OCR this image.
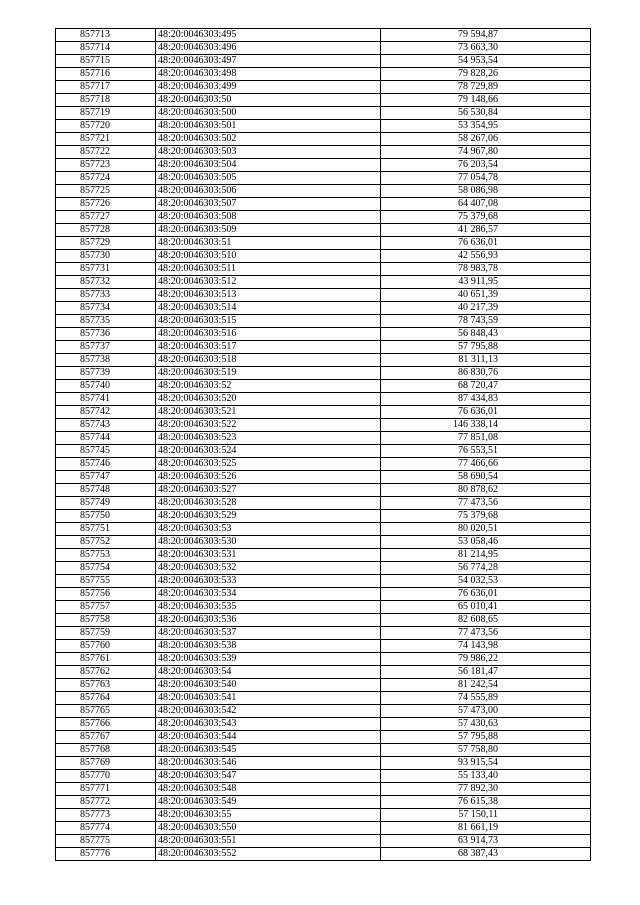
857713	48:20:0046303:495	79 594,87
857714	48:20:0046303:496	73 663,30
857715	48:20:0046303:497	54 953,54
857716	48:20:0046303:498	79 828,26
857717	48:20:0046303:499	78 729,89
857718	48:20:0046303:50	79 148,66
857719	48:20:0046303:500	56 530,84
857720	48:20:0046303:501	53 354,95
857721	48:20:0046303:502	58 267,06
857722	48:20:0046303:503	74 967,80
857723	48:20:0046303:504	76 203,54
857724	48:20:0046303:505	77 054,78
857725	48:20:0046303:506	58 086,98
857726	48:20:0046303:507	64 407,08
857727	48:20:0046303:508	75 379,68
857728	48:20:0046303:509	41 286,57
857729	48:20:0046303:51	76 636,01
857730	48:20:0046303:510	42 556,93
857731	48:20:0046303:511	78 983,78
857732	48:20:0046303:512	43 911,95
857733	48:20:0046303:513	40 651,39
857734	48:20:0046303:514	40 217,39
857735	48:20:0046303:515	78 743,59
857736	48:20:0046303:516	56 848,43
857737	48:20:0046303:517	57 795,88
857738	48:20:0046303:518	81 311,13
857739	48:20:0046303:519	86 830,76
857740	48:20:0046303:52	68 720,47
857741	48:20:0046303:520	87 434,83
857742	48:20:0046303:521	76 636,01
857743	48:20:0046303:522	146 338,14
857744	48:20:0046303:523	77 851,08
857745	48:20:0046303:524	76 553,51
857746	48:20:0046303:525	77 466,66
857747	48:20:0046303:526	58 690,54
857748	48:20:0046303:527	80 878,62
857749	48:20:0046303:528	77 473,56
857750	48:20:0046303:529	75 379,68
857751	48:20:0046303:53	80 020,51
857752	48:20:0046303:530	53 058,46
857753	48:20:0046303:531	81 214,95
857754	48:20:0046303:532	56 774,28
857755	48:20:0046303:533	54 032,53
857756	48:20:0046303:534	76 636,01
857757	48:20:0046303:535	65 010,41
857758	48:20:0046303:536	82 608,65
857759	48:20:0046303:537	77 473,56
857760	48:20:0046303:538	74 143,98
857761	48:20:0046303:539	79 986,22
857762	48:20:0046303:54	56 181,47
857763	48:20:0046303:540	81 242,54
857764	48:20:0046303:541	74 555,89
857765	48:20:0046303:542	57 473,00
857766	48:20:0046303:543	57 430,63
857767	48:20:0046303:544	57 795,88
857768	48:20:0046303:545	57 758,80
857769	48:20:0046303:546	93 915,54
857770	48:20:0046303:547	55 133,40
857771	48:20:0046303:548	77 892,30
857772	48:20:0046303:549	76 615,38
857773	48:20:0046303:55	57 150,11
857774	48:20:0046303:550	81 661,19
857775	48:20:0046303:551	63 914,73
857776	48:20:0046303:552	68 387,43
